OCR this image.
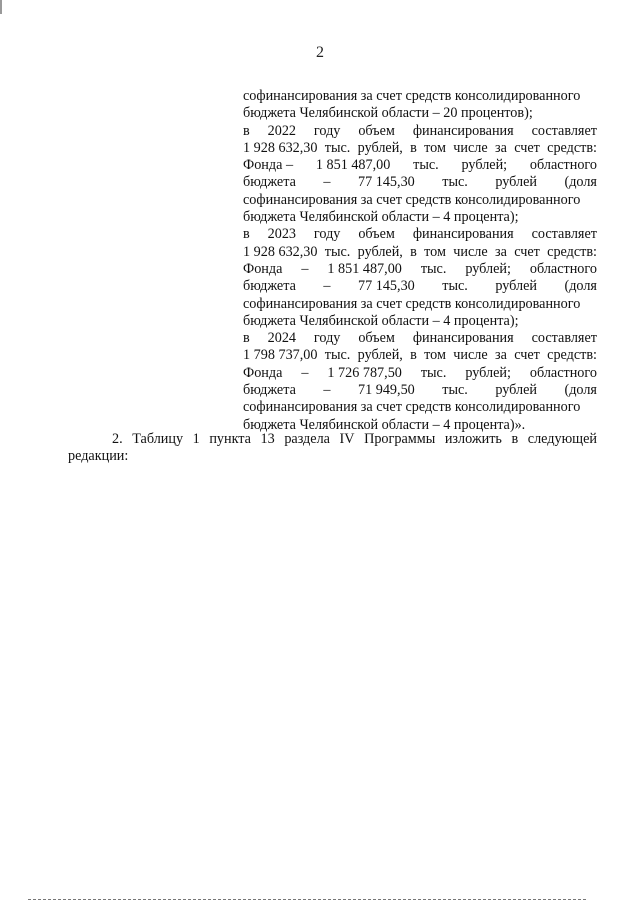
2
софинансирования за счет средств консолидированного
бюджета Челябинской области – 20 процентов);
в 2022 году объем финансирования составляет
1 928 632,30 тыс. рублей, в том числе за счет средств:
Фонда – 1 851 487,00 тыс. рублей; областного
бюджета – 77 145,30 тыс. рублей (доля
софинансирования за счет средств консолидированного
бюджета Челябинской области – 4 процента);
в 2023 году объем финансирования составляет
1 928 632,30 тыс. рублей, в том числе за счет средств:
Фонда – 1 851 487,00 тыс. рублей; областного
бюджета – 77 145,30 тыс. рублей (доля
софинансирования за счет средств консолидированного
бюджета Челябинской области – 4 процента);
в 2024 году объем финансирования составляет
1 798 737,00 тыс. рублей, в том числе за счет средств:
Фонда – 1 726 787,50 тыс. рублей; областного
бюджета – 71 949,50 тыс. рублей (доля
софинансирования за счет средств консолидированного
бюджета Челябинской области – 4 процента)».
2. Таблицу 1 пункта 13 раздела IV Программы изложить в следующей
редакции:
